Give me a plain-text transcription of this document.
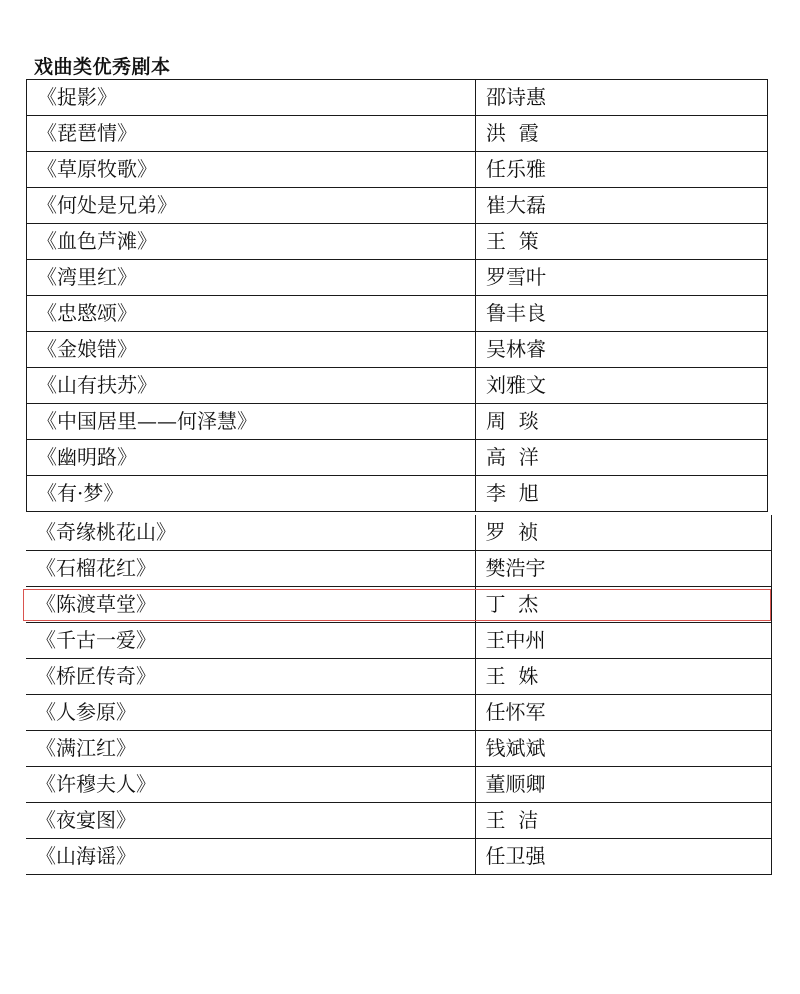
戏曲类优秀剧本
《捉影》	邵诗惠
《琵琶情》	洪  霞
《草原牧歌》	任乐雅
《何处是兄弟》	崔大磊
《血色芦滩》	王  策
《湾里红》	罗雪叶
《忠愍颂》	鲁丰良
《金娘错》	吴林睿
《山有扶苏》	刘雅文
《中国居里——何泽慧》	周  琰
《幽明路》	高  洋
《有·梦》	李  旭
《奇缘桃花山》	罗  祯
《石榴花红》	樊浩宇
《陈渡草堂》	丁  杰
《千古一爱》	王中州
《桥匠传奇》	王  姝
《人参原》	任怀军
《满江红》	钱斌斌
《许穆夫人》	董顺卿
《夜宴图》	王  洁
《山海谣》	任卫强
